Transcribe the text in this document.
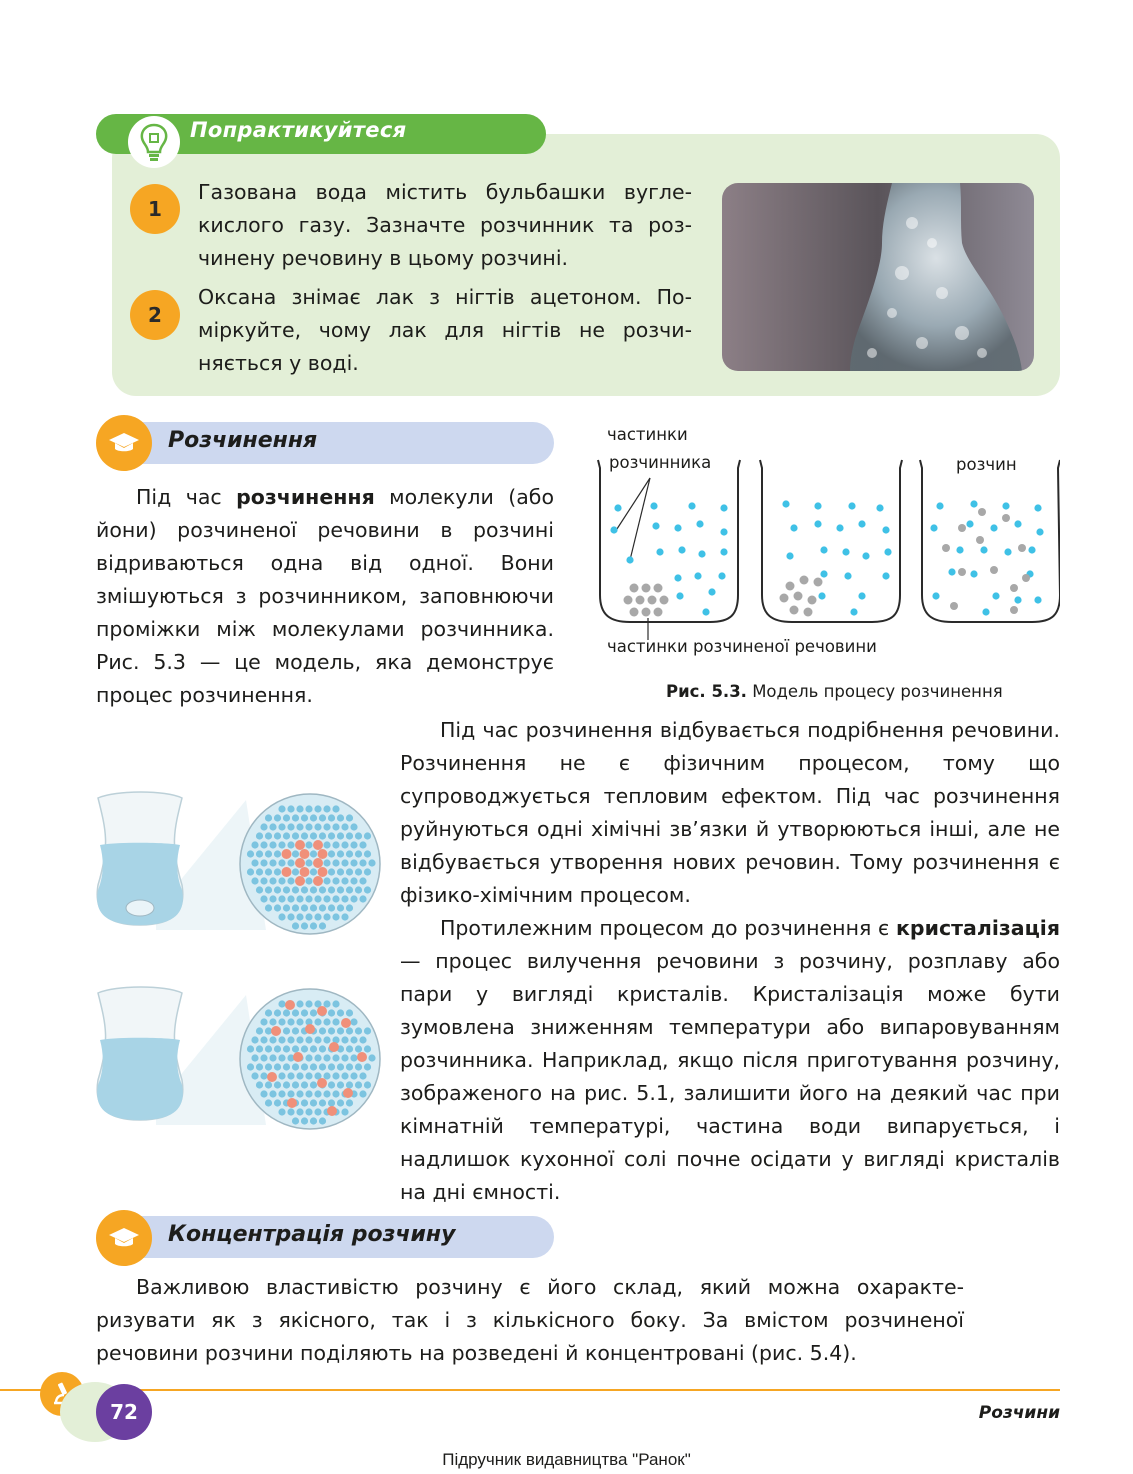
Попрактикуйтеся
1
Газована вода містить бульбашки вуглекислого газу. Зазначте розчинник та розчинену речовину в цьому розчині.
2
Оксана знімає лак з нігтів ацетоном. Поміркуйте, чому лак для нігтів не розчиняється у воді.
Розчинення

Під час розчинення молекули (або йони) розчиненої речовини в розчині відриваються одна від одної. Вони змішуються з розчинником, заповнюючи проміжки між молекулами розчинника. Рис. 5.3 — це модель, яка демонструє процес розчинення.

частинки
розчинника	розчин
частинки розчиненої речовини
Рис. 5.3. Модель процесу розчинення

Під час розчинення відбувається подрібнення речовини. Розчинення не є фізичним процесом, тому що супроводжується тепловим ефектом. Під час розчинення руйнуються одні хімічні зв’язки й утворюються інші, але не відбувається утворення нових речовин. Тому розчинення є фізико-хімічним процесом.

Протилежним процесом до розчинення є кристалізація — процес вилучення речовини з розчину, розплаву або пари у вигляді кристалів. Кристалізація може бути зумовлена зниженням температури або випаровуванням розчинника. Наприклад, якщо після приготування розчину, зображеного на рис. 5.1, залишити його на деякий час при кімнатній температурі, частина води випарується, і надлишок кухонної солі почне осідати у вигляді кристалів на дні ємності.

Концентрація розчину

Важливою властивістю розчину є його склад, який можна охарактеризувати як з якісного, так і з кількісного боку. За вмістом розчиненої речовини розчини поділяють на розведені й концентровані (рис. 5.4).

72	Розчини
Підручник видавництва "Ранок"
